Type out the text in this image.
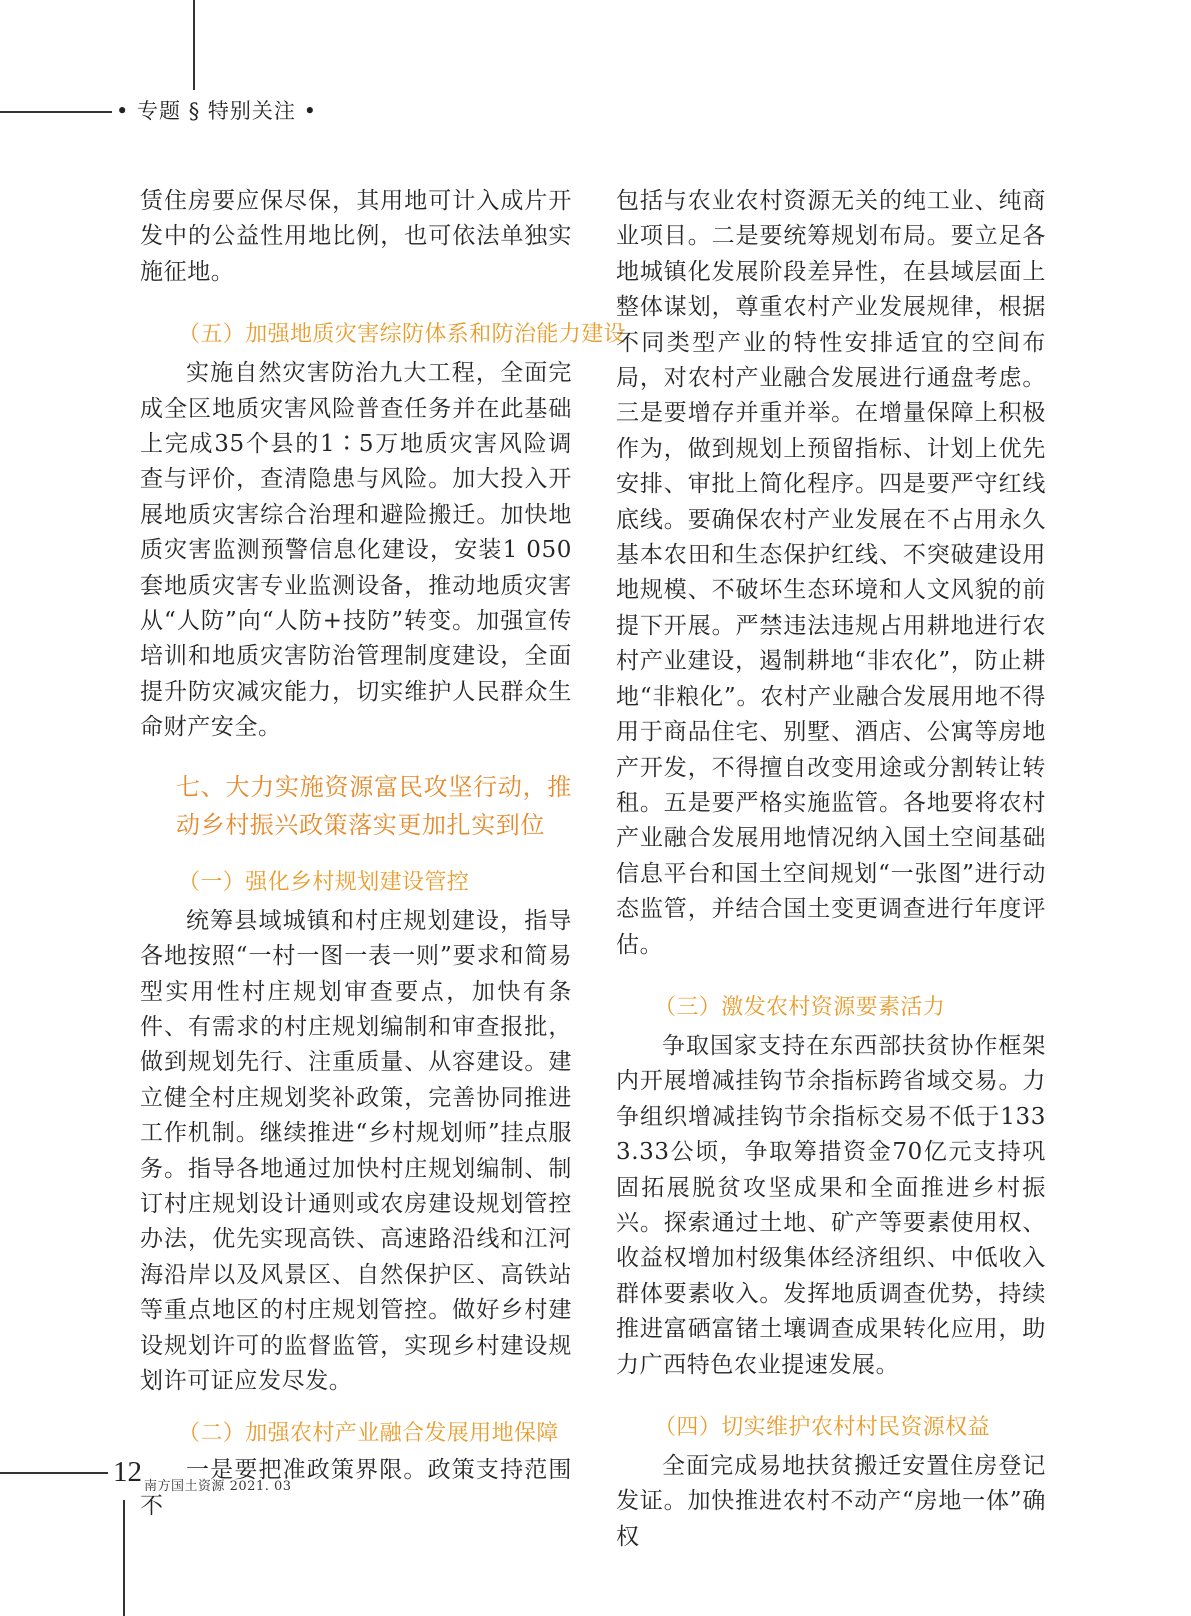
• 专题 § 特别关注 •

赁住房要应保尽保，其用地可计入成片开发中的公益性用地比例，也可依法单独实施征地。

（五）加强地质灾害综防体系和防治能力建设

实施自然灾害防治九大工程，全面完成全区地质灾害风险普查任务并在此基础上完成35个县的1∶5万地质灾害风险调查与评价，查清隐患与风险。加大投入开展地质灾害综合治理和避险搬迁。加快地质灾害监测预警信息化建设，安装1 050套地质灾害专业监测设备，推动地质灾害从“人防”向“人防+技防”转变。加强宣传培训和地质灾害防治管理制度建设，全面提升防灾减灾能力，切实维护人民群众生命财产安全。

七、大力实施资源富民攻坚行动，推动乡村振兴政策落实更加扎实到位

（一）强化乡村规划建设管控

统筹县域城镇和村庄规划建设，指导各地按照“一村一图一表一则”要求和简易型实用性村庄规划审查要点，加快有条件、有需求的村庄规划编制和审查报批，做到规划先行、注重质量、从容建设。建立健全村庄规划奖补政策，完善协同推进工作机制。继续推进“乡村规划师”挂点服务。指导各地通过加快村庄规划编制、制订村庄规划设计通则或农房建设规划管控办法，优先实现高铁、高速路沿线和江河海沿岸以及风景区、自然保护区、高铁站等重点地区的村庄规划管控。做好乡村建设规划许可的监督监管，实现乡村建设规划许可证应发尽发。

（二）加强农村产业融合发展用地保障

一是要把准政策界限。政策支持范围不

包括与农业农村资源无关的纯工业、纯商业项目。二是要统筹规划布局。要立足各地城镇化发展阶段差异性，在县域层面上整体谋划，尊重农村产业发展规律，根据不同类型产业的特性安排适宜的空间布局，对农村产业融合发展进行通盘考虑。三是要增存并重并举。在增量保障上积极作为，做到规划上预留指标、计划上优先安排、审批上简化程序。四是要严守红线底线。要确保农村产业发展在不占用永久基本农田和生态保护红线、不突破建设用地规模、不破坏生态环境和人文风貌的前提下开展。严禁违法违规占用耕地进行农村产业建设，遏制耕地“非农化”，防止耕地“非粮化”。农村产业融合发展用地不得用于商品住宅、别墅、酒店、公寓等房地产开发，不得擅自改变用途或分割转让转租。五是要严格实施监管。各地要将农村产业融合发展用地情况纳入国土空间基础信息平台和国土空间规划“一张图”进行动态监管，并结合国土变更调查进行年度评估。

（三）激发农村资源要素活力

争取国家支持在东西部扶贫协作框架内开展增减挂钩节余指标跨省域交易。力争组织增减挂钩节余指标交易不低于1333.33公顷，争取筹措资金70亿元支持巩固拓展脱贫攻坚成果和全面推进乡村振兴。探索通过土地、矿产等要素使用权、收益权增加村级集体经济组织、中低收入群体要素收入。发挥地质调查优势，持续推进富硒富锗土壤调查成果转化应用，助力广西特色农业提速发展。

（四）切实维护农村村民资源权益

全面完成易地扶贫搬迁安置住房登记发证。加快推进农村不动产“房地一体”确权

12 南方国土资源 2021. 03
